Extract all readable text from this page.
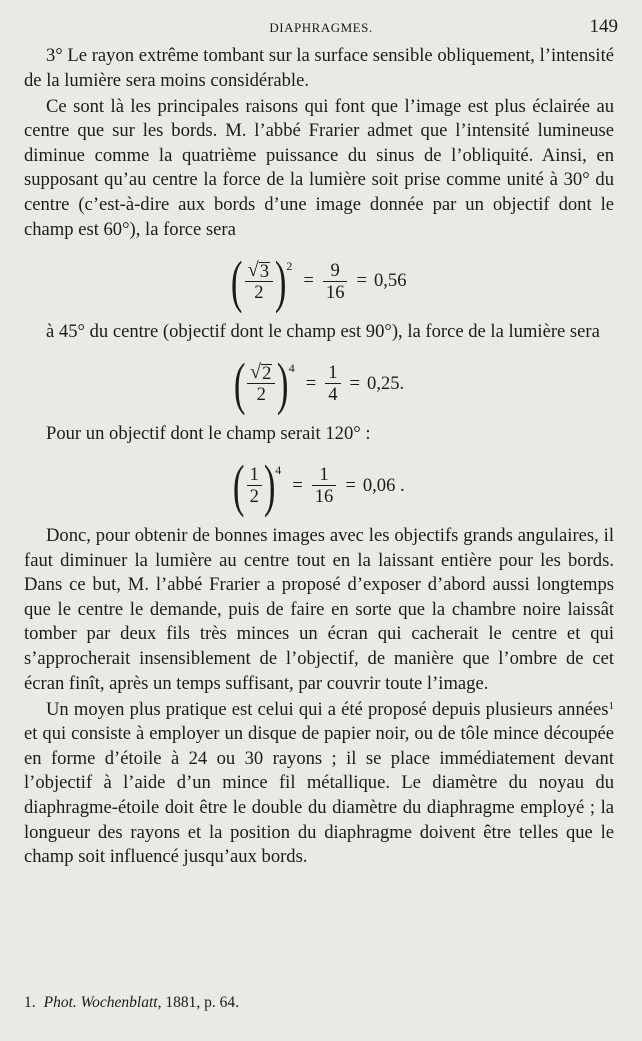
DIAPHRAGMES.	149

3° Le rayon extrême tombant sur la surface sensible obliquement, l’intensité de la lumière sera moins considérable.

Ce sont là les principales raisons qui font que l’image est plus éclairée au centre que sur les bords. M. l’abbé Frarier admet que l’intensité lumineuse diminue comme la quatrième puissance du sinus de l’obliquité. Ainsi, en supposant qu’au centre la force de la lumière soit prise comme unité à 30° du centre (c’est-à-dire aux bords d’une image donnée par un objectif dont le champ est 60°), la force sera

( $\frac{√ 3}{2}$ ) 2
= $\frac{9}{16} = 0,56$

à 45° du centre (objectif dont le champ est 90°), la force de la lumière sera

( $\frac{√ 2}{2}$ ) 4
= $\frac{1}{4} = 0,25$.

Pour un objectif dont le champ serait 120° :

( $\frac{1}{2}$ ) 4
= $\frac{1}{16} = 0,06$ .

Donc, pour obtenir de bonnes images avec les objectifs grands angulaires, il faut diminuer la lumière au centre tout en la laissant entière pour les bords. Dans ce but, M. l’abbé Frarier a proposé d’exposer d’abord aussi longtemps que le centre le demande, puis de faire en sorte que la chambre noire laissât tomber par deux fils très minces un écran qui cacherait le centre et qui s’approcherait insensiblement de l’objectif, de manière que l’ombre de cet écran finît, après un temps suffisant, par couvrir toute l’image.

Un moyen plus pratique est celui qui a été proposé depuis plusieurs années$^1$ et qui consiste à employer un disque de papier noir, ou de tôle mince découpée en forme d’étoile à 24 ou 30 rayons ; il se place immédiatement devant l’objectif à l’aide d’un mince fil métallique. Le diamètre du noyau du diaphragme-étoile doit être le double du diamètre du diaphragme employé ; la longueur des rayons et la position du diaphragme doivent être telles que le champ soit influencé jusqu’aux bords.

1. Phot. Wochenblatt, 1881, p. 64.
